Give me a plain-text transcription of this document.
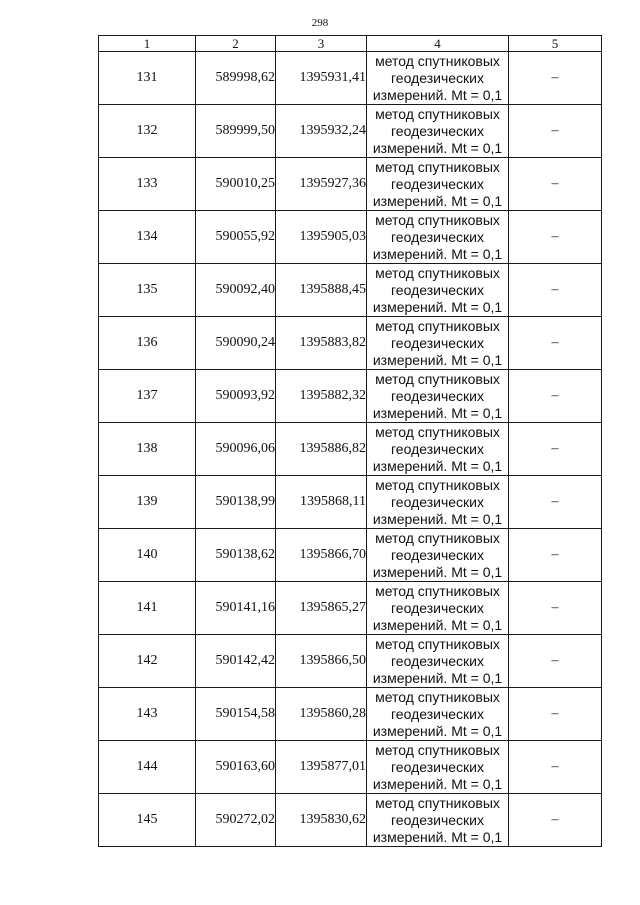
298
1	2	3	4	5
131	589998,62	1395931,41	метод спутниковых геодезических измерений. Mt = 0,1	–
132	589999,50	1395932,24	метод спутниковых геодезических измерений. Mt = 0,1	–
133	590010,25	1395927,36	метод спутниковых геодезических измерений. Mt = 0,1	–
134	590055,92	1395905,03	метод спутниковых геодезических измерений. Mt = 0,1	–
135	590092,40	1395888,45	метод спутниковых геодезических измерений. Mt = 0,1	–
136	590090,24	1395883,82	метод спутниковых геодезических измерений. Mt = 0,1	–
137	590093,92	1395882,32	метод спутниковых геодезических измерений. Mt = 0,1	–
138	590096,06	1395886,82	метод спутниковых геодезических измерений. Mt = 0,1	–
139	590138,99	1395868,11	метод спутниковых геодезических измерений. Mt = 0,1	–
140	590138,62	1395866,70	метод спутниковых геодезических измерений. Mt = 0,1	–
141	590141,16	1395865,27	метод спутниковых геодезических измерений. Mt = 0,1	–
142	590142,42	1395866,50	метод спутниковых геодезических измерений. Mt = 0,1	–
143	590154,58	1395860,28	метод спутниковых геодезических измерений. Mt = 0,1	–
144	590163,60	1395877,01	метод спутниковых геодезических измерений. Mt = 0,1	–
145	590272,02	1395830,62	метод спутниковых геодезических измерений. Mt = 0,1	–
